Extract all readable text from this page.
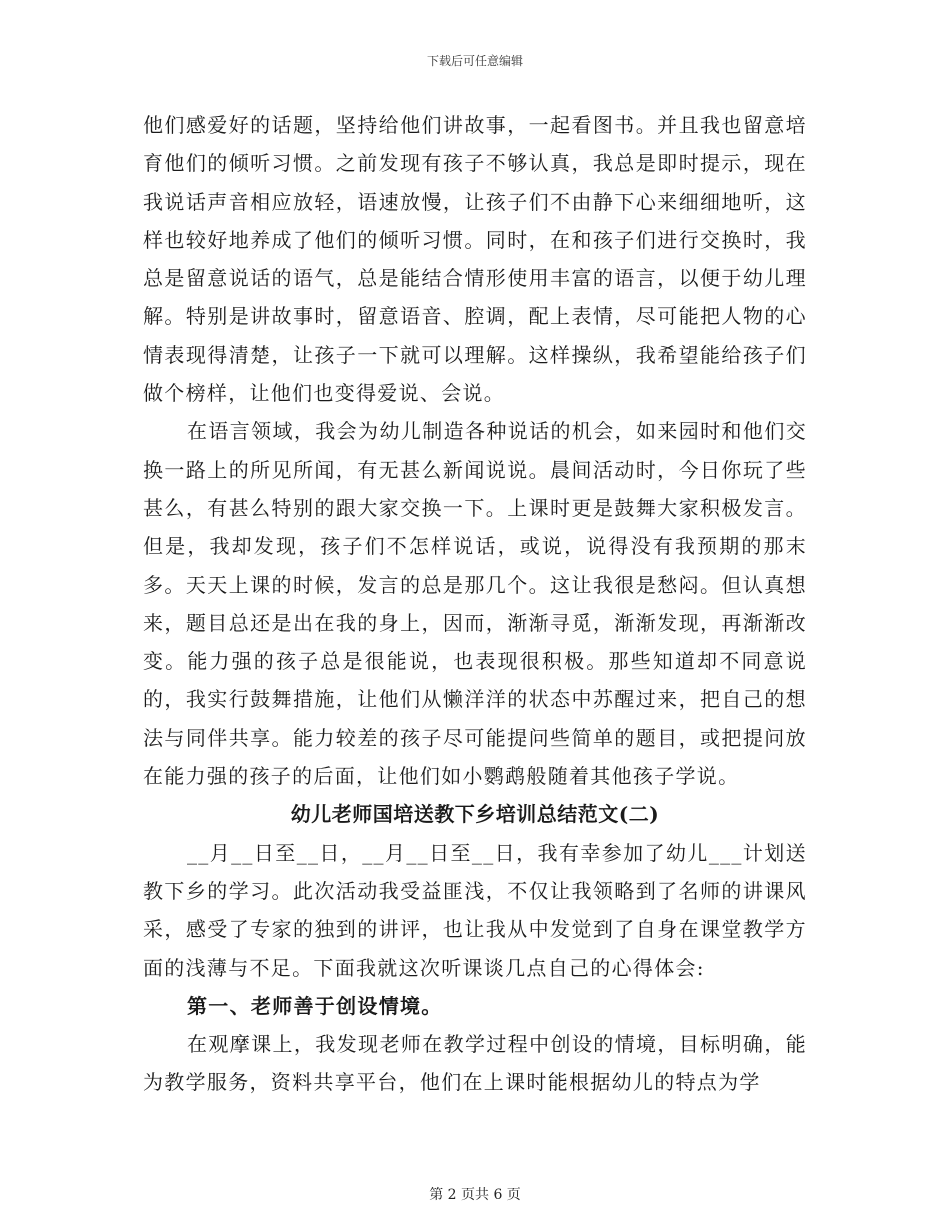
下载后可任意编辑

他们感爱好的话题，坚持给他们讲故事，一起看图书。并且我也留意培育他们的倾听习惯。之前发现有孩子不够认真，我总是即时提示，现在我说话声音相应放轻，语速放慢，让孩子们不由静下心来细细地听，这样也较好地养成了他们的倾听习惯。同时，在和孩子们进行交换时，我总是留意说话的语气，总是能结合情形使用丰富的语言，以便于幼儿理解。特别是讲故事时，留意语音、腔调，配上表情，尽可能把人物的心情表现得清楚，让孩子一下就可以理解。这样操纵，我希望能给孩子们做个榜样，让他们也变得爱说、会说。

在语言领域，我会为幼儿制造各种说话的机会，如来园时和他们交换一路上的所见所闻，有无甚么新闻说说。晨间活动时，今日你玩了些甚么，有甚么特别的跟大家交换一下。上课时更是鼓舞大家积极发言。但是，我却发现，孩子们不怎样说话，或说，说得没有我预期的那末多。天天上课的时候，发言的总是那几个。这让我很是愁闷。但认真想来，题目总还是出在我的身上，因而，渐渐寻觅，渐渐发现，再渐渐改变。能力强的孩子总是很能说，也表现很积极。那些知道却不同意说的，我实行鼓舞措施，让他们从懒洋洋的状态中苏醒过来，把自己的想法与同伴共享。能力较差的孩子尽可能提问些简单的题目，或把提问放在能力强的孩子的后面，让他们如小鹦鹉般随着其他孩子学说。

幼儿老师国培送教下乡培训总结范文(二)

__月__日至__日，__月__日至__日，我有幸参加了幼儿___计划送教下乡的学习。此次活动我受益匪浅，不仅让我领略到了名师的讲课风采，感受了专家的独到的讲评，也让我从中发觉到了自身在课堂教学方面的浅薄与不足。下面我就这次听课谈几点自己的心得体会:

第一、老师善于创设情境。

在观摩课上，我发现老师在教学过程中创设的情境，目标明确，能为教学服务，资料共享平台，他们在上课时能根据幼儿的特点为学

第 2 页共 6 页
